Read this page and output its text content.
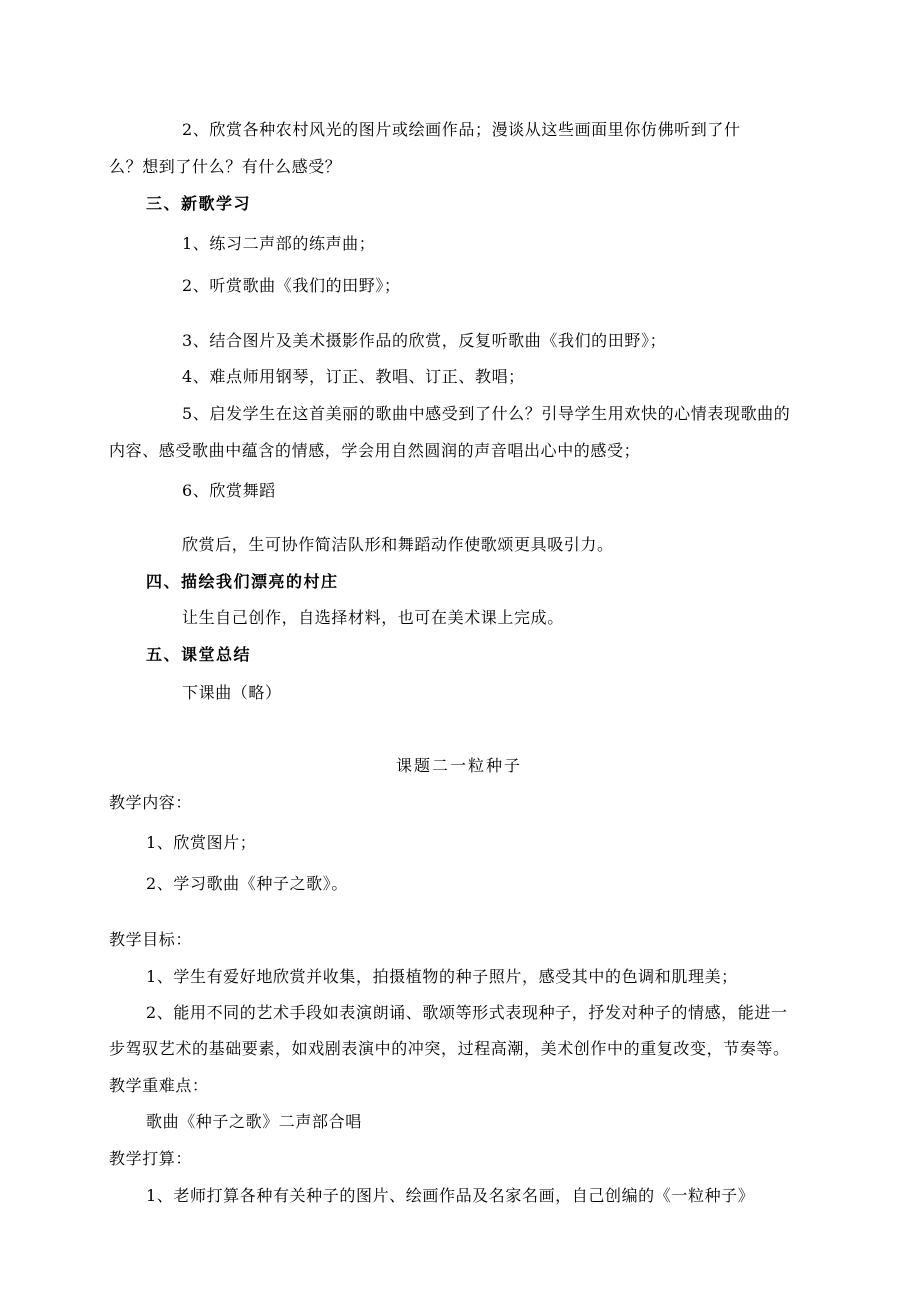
2、欣赏各种农村风光的图片或绘画作品；漫谈从这些画面里你仿佛听到了什
么？想到了什么？有什么感受？
三、新歌学习
1、练习二声部的练声曲；
2、听赏歌曲《我们的田野》；
3、结合图片及美术摄影作品的欣赏，反复听歌曲《我们的田野》；
4、难点师用钢琴，订正、教唱、订正、教唱；
5、启发学生在这首美丽的歌曲中感受到了什么？引导学生用欢快的心情表现歌曲的
内容、感受歌曲中蕴含的情感，学会用自然圆润的声音唱出心中的感受；
6、欣赏舞蹈
欣赏后，生可协作简洁队形和舞蹈动作使歌颂更具吸引力。
四、描绘我们漂亮的村庄
让生自己创作，自选择材料，也可在美术课上完成。
五、课堂总结
下课曲（略）
课题二一粒种子
教学内容：
1、欣赏图片；
2、学习歌曲《种子之歌》。
教学目标：
1、学生有爱好地欣赏并收集，拍摄植物的种子照片，感受其中的色调和肌理美；
2、能用不同的艺术手段如表演朗诵、歌颂等形式表现种子，抒发对种子的情感，能进一
步驾驭艺术的基础要素，如戏剧表演中的冲突，过程高潮，美术创作中的重复改变，节奏等。
教学重难点：
歌曲《种子之歌》二声部合唱
教学打算：
1、老师打算各种有关种子的图片、绘画作品及名家名画，自己创编的《一粒种子》
